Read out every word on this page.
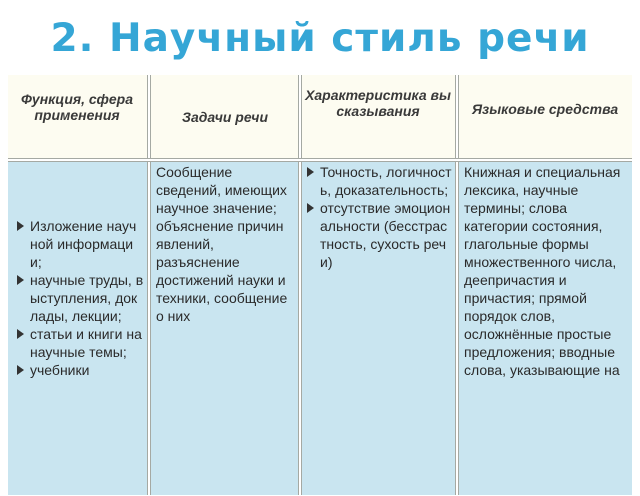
2. Научный стиль речи
Функция, сфера применения	Задачи речи
Характеристика высказывания	Языковые средства
Изложение научной информации;
научные труды, выступления, доклады, лекции;
статьи и книги на научные темы;
учебники

Сообщение сведений, имеющих научное значение; объяснение причин явлений, разъяснение достижений науки и техники, сообщение о них

Точность, логичность, доказательность;
отсутствие эмоциональности (бесстрастность, сухость речи)

Книжная и специальная лексика, научные термины; слова категории состояния, глагольные формы множественного числа, деепричастия и причастия; прямой порядок слов, осложнённые простые предложения; вводные слова, указывающие на
